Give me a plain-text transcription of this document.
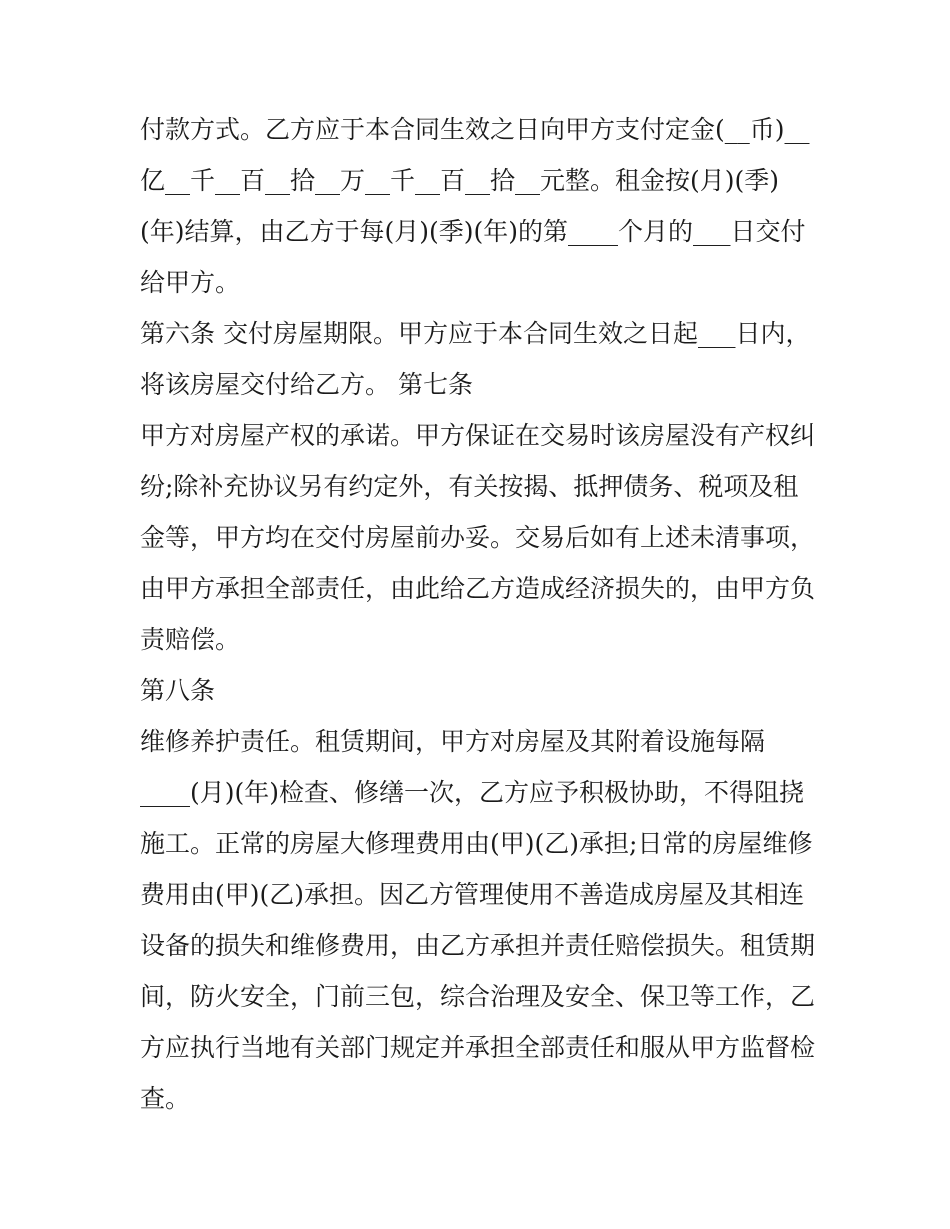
付款方式。乙方应于本合同生效之日向甲方支付定金(__币)__
亿__千__百__拾__万__千__百__拾__元整。租金按(月)(季)
(年)结算，由乙方于每(月)(季)(年)的第____个月的___日交付
给甲方。
第六条 交付房屋期限。甲方应于本合同生效之日起___日内，
将该房屋交付给乙方。 第七条
甲方对房屋产权的承诺。甲方保证在交易时该房屋没有产权纠
纷;除补充协议另有约定外，有关按揭、抵押债务、税项及租
金等，甲方均在交付房屋前办妥。交易后如有上述未清事项，
由甲方承担全部责任，由此给乙方造成经济损失的，由甲方负
责赔偿。
第八条
维修养护责任。租赁期间，甲方对房屋及其附着设施每隔
____(月)(年)检查、修缮一次，乙方应予积极协助，不得阻挠
施工。正常的房屋大修理费用由(甲)(乙)承担;日常的房屋维修
费用由(甲)(乙)承担。因乙方管理使用不善造成房屋及其相连
设备的损失和维修费用，由乙方承担并责任赔偿损失。租赁期
间，防火安全，门前三包，综合治理及安全、保卫等工作，乙
方应执行当地有关部门规定并承担全部责任和服从甲方监督检
查。
